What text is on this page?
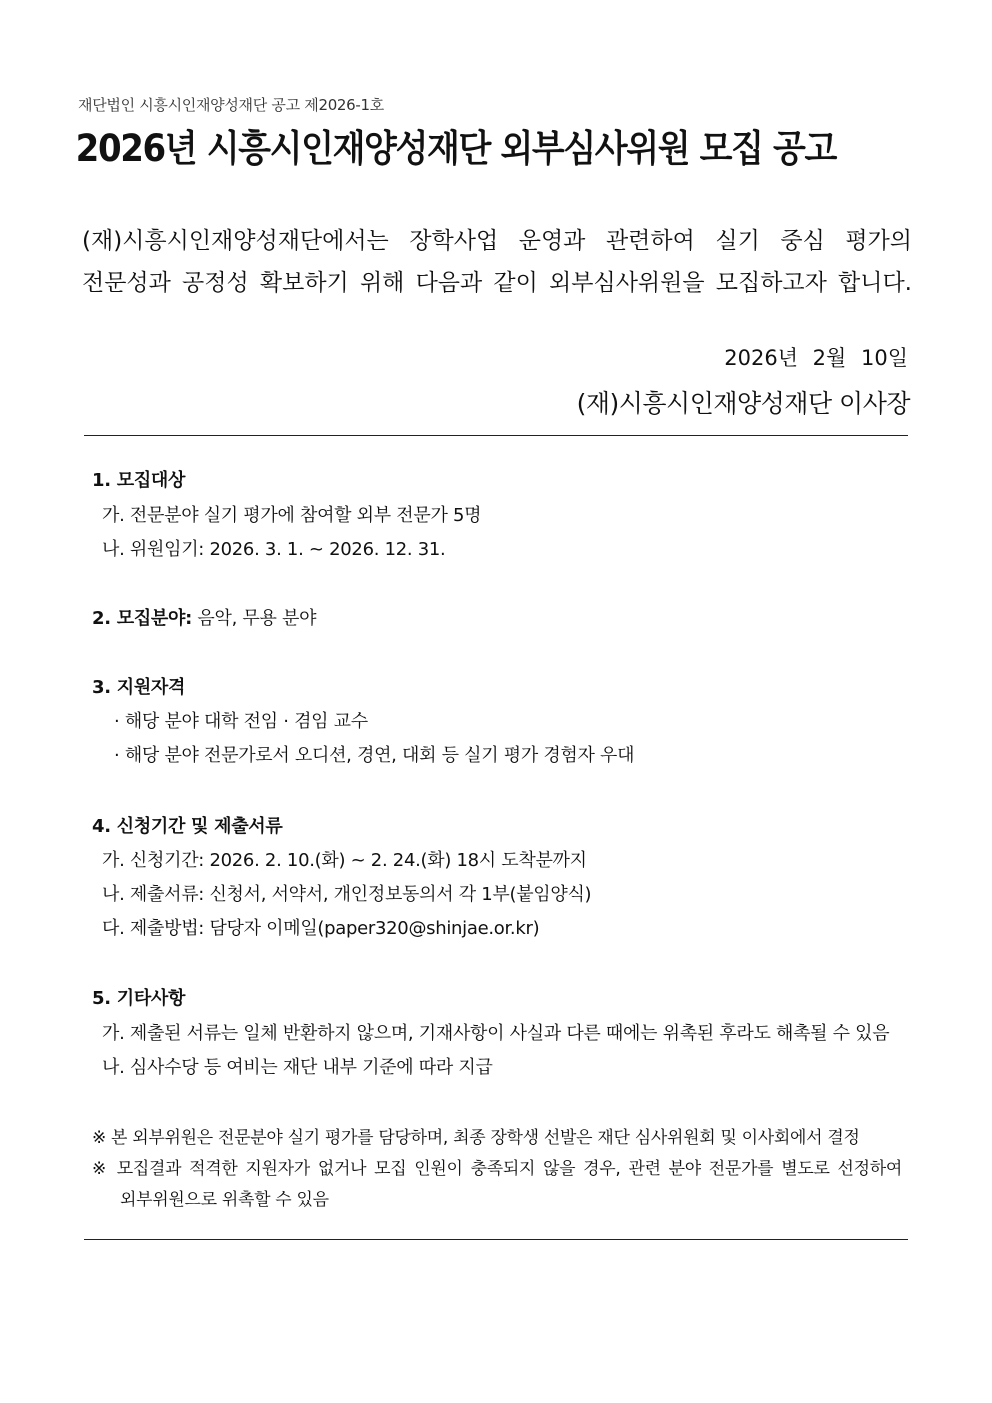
재단법인 시흥시인재양성재단 공고 제2026-1호
2026년 시흥시인재양성재단 외부심사위원 모집 공고
(재)시흥시인재양성재단에서는 장학사업 운영과 관련하여 실기 중심 평가의
전문성과 공정성 확보하기 위해 다음과 같이 외부심사위원을 모집하고자 합니다.
2026년 2월 10일
(재)시흥시인재양성재단 이사장
1. 모집대상
가. 전문분야 실기 평가에 참여할 외부 전문가 5명
나. 위원임기: 2026. 3. 1. ~ 2026. 12. 31.
2. 모집분야: 음악, 무용 분야
3. 지원자격
· 해당 분야 대학 전임 · 겸임 교수
· 해당 분야 전문가로서 오디션, 경연, 대회 등 실기 평가 경험자 우대
4. 신청기간 및 제출서류
가. 신청기간: 2026. 2. 10.(화) ~ 2. 24.(화) 18시 도착분까지
나. 제출서류: 신청서, 서약서, 개인정보동의서 각 1부(붙임양식)
다. 제출방법: 담당자 이메일(paper320@shinjae.or.kr)
5. 기타사항
가. 제출된 서류는 일체 반환하지 않으며, 기재사항이 사실과 다른 때에는 위촉된 후라도 해촉될 수 있음
나. 심사수당 등 여비는 재단 내부 기준에 따라 지급
※ 본 외부위원은 전문분야 실기 평가를 담당하며, 최종 장학생 선발은 재단 심사위원회 및 이사회에서 결정
※ 모집결과 적격한 지원자가 없거나 모집 인원이 충족되지 않을 경우, 관련 분야 전문가를 별도로 선정하여
외부위원으로 위촉할 수 있음
